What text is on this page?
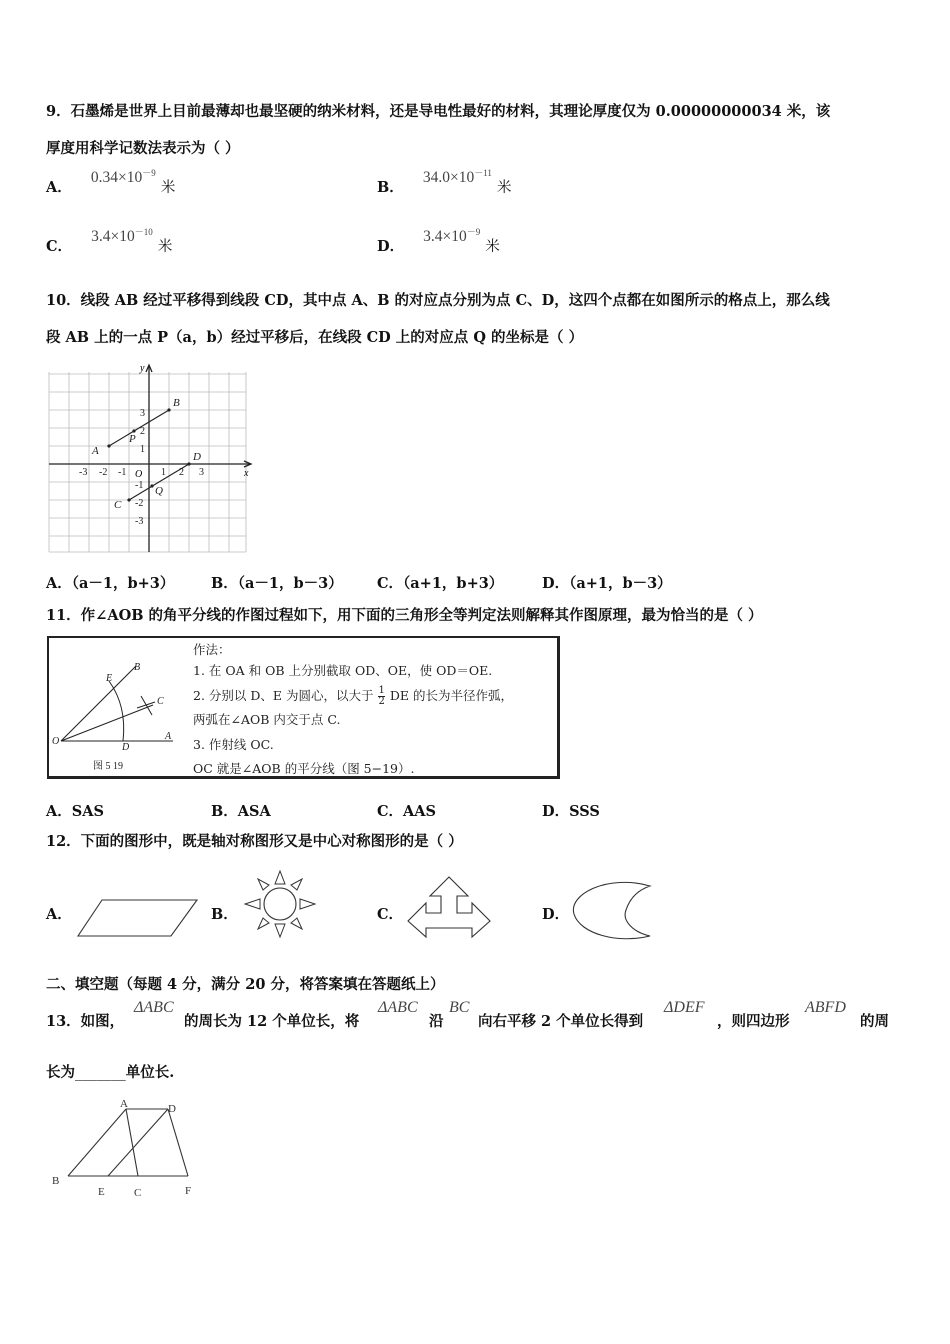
9．石墨烯是世界上目前最薄却也最坚硬的纳米材料，还是导电性最好的材料，其理论厚度仅为 0.00000000034 米，该
厚度用科学记数法表示为（ ）
A． $0.34\times 10^{-9}$ 米	B． $34.0\times 10^{-11}$ 米
C． $3.4\times 10^{-10}$ 米	D． $3.4\times 10^{-9}$ 米
10．线段 AB 经过平移得到线段 CD，其中点 A、B 的对应点分别为点 C、D，这四个点都在如图所示的格点上，那么线
段 AB 上的一点 P（a，b）经过平移后，在线段 CD 上的对应点 Q 的坐标是（ ）
x
y
O
-3 -2 -1	1 2 3
3
2
1
-1
-2
-3
A
B
P
C
D
Q
A．（a－1，b+3）	B．（a－1，b－3） C．（a+1，b+3）	D．（a+1，b－3）
11．作∠AOB 的角平分线的作图过程如下，用下面的三角形全等判定法则解释其作图原理，最为恰当的是（ ）
O	A
B
C
D
E
图 5 19
作法：
1. 在 OA 和 OB 上分别截取 OD、OE，使 OD＝OE.
2. 分别以 D、E 为圆心，以大于 $\frac{1}{2}$ DE 的长为半径作弧，
两弧在∠AOB 内交于点 C.
3. 作射线 OC.
OC 就是∠AOB 的平分线（图 5−19）.
A．SAS	B．ASA	C．AAS	D．SSS
12．下面的图形中，既是轴对称图形又是中心对称图形的是（ ）
A．	B．	C．	D．
二、填空题（每题 4 分，满分 20 分，将答案填在答题纸上）
13．如图，
ΔABC
的周长为 12 个单位长，将
ΔABC
沿
BC
向右平移 2 个单位长得到
ΔDEF
，则四边形
ABFD
的周
长为_______单位长.
A
B
C
D
E	F
